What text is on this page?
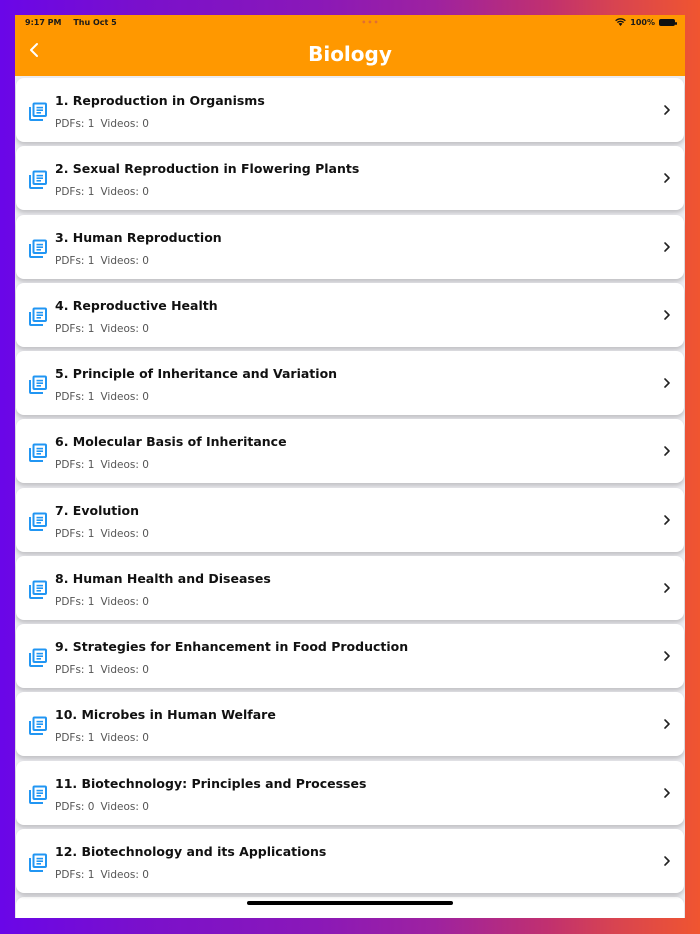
9:17 PM Thu Oct 5	•••	100%
Biology
1. Reproduction in Organisms
PDFs: 1 Videos: 0
2. Sexual Reproduction in Flowering Plants
PDFs: 1 Videos: 0
3. Human Reproduction
PDFs: 1 Videos: 0
4. Reproductive Health
PDFs: 1 Videos: 0
5. Principle of Inheritance and Variation
PDFs: 1 Videos: 0
6. Molecular Basis of Inheritance
PDFs: 1 Videos: 0
7. Evolution
PDFs: 1 Videos: 0
8. Human Health and Diseases
PDFs: 1 Videos: 0
9. Strategies for Enhancement in Food Production
PDFs: 1 Videos: 0
10. Microbes in Human Welfare
PDFs: 1 Videos: 0
11. Biotechnology: Principles and Processes
PDFs: 0 Videos: 0
12. Biotechnology and its Applications
PDFs: 1 Videos: 0
